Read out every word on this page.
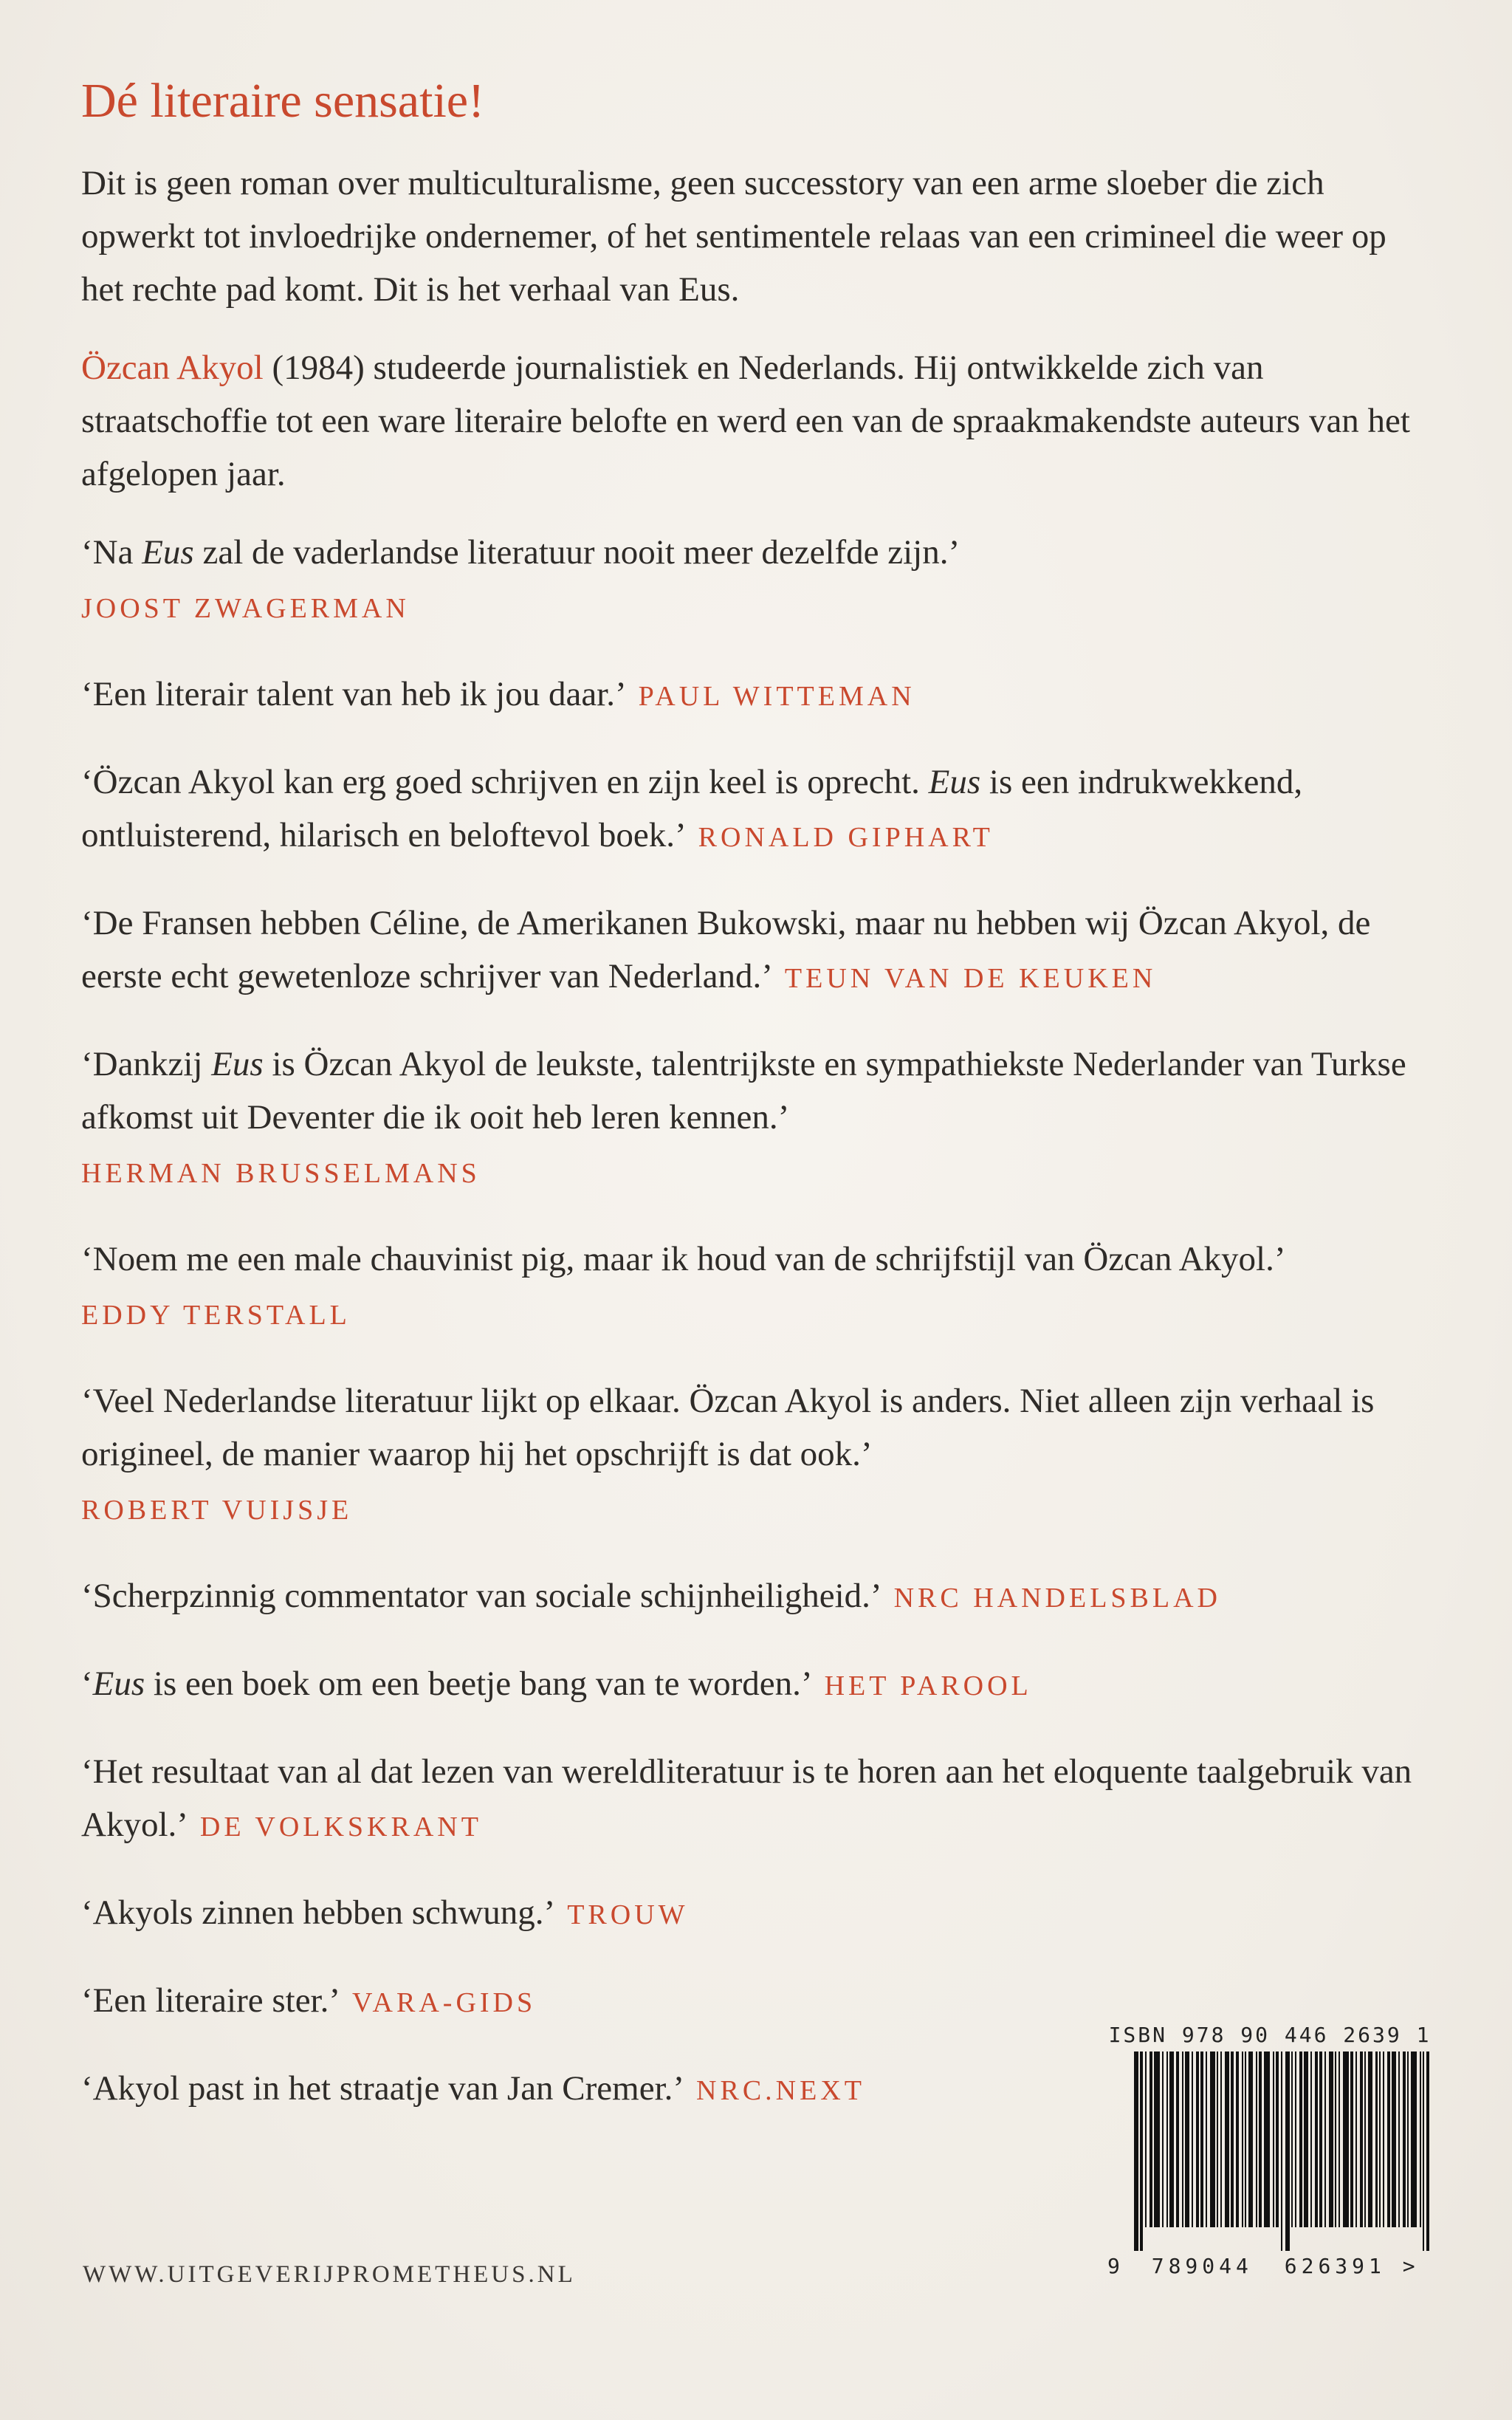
Dé literaire sensatie!

Dit is geen roman over multiculturalisme, geen successtory van een arme sloeber die zich opwerkt tot invloedrijke ondernemer, of het sentimentele relaas van een crimineel die weer op het rechte pad komt. Dit is het verhaal van Eus.

Özcan Akyol (1984) studeerde journalistiek en Nederlands. Hij ontwikkelde zich van straatschoffie tot een ware literaire belofte en werd een van de spraakmakendste auteurs van het afgelopen jaar.

‘Na Eus zal de vaderlandse literatuur nooit meer dezelfde zijn.’
JOOST ZWAGERMAN

‘Een literair talent van heb ik jou daar.’ PAUL WITTEMAN

‘Özcan Akyol kan erg goed schrijven en zijn keel is oprecht. Eus is een indrukwekkend, ontluisterend, hilarisch en beloftevol boek.’ RONALD GIPHART

‘De Fransen hebben Céline, de Amerikanen Bukowski, maar nu hebben wij Özcan Akyol, de eerste echt gewetenloze schrijver van Nederland.’ TEUN VAN DE KEUKEN

‘Dankzij Eus is Özcan Akyol de leukste, talentrijkste en sympathiekste Nederlander van Turkse afkomst uit Deventer die ik ooit heb leren kennen.’
HERMAN BRUSSELMANS

‘Noem me een male chauvinist pig, maar ik houd van de schrijfstijl van Özcan Akyol.’
EDDY TERSTALL

‘Veel Nederlandse literatuur lijkt op elkaar. Özcan Akyol is anders. Niet alleen zijn verhaal is origineel, de manier waarop hij het opschrijft is dat ook.’
ROBERT VUIJSJE

‘Scherpzinnig commentator van sociale schijnheiligheid.’ NRC HANDELSBLAD

‘Eus is een boek om een beetje bang van te worden.’ HET PAROOL

‘Het resultaat van al dat lezen van wereldliteratuur is te horen aan het eloquente taalgebruik van Akyol.’ DE VOLKSKRANT

‘Akyols zinnen hebben schwung.’ TROUW

‘Een literaire ster.’ VARA-GIDS

‘Akyol past in het straatje van Jan Cremer.’ NRC.NEXT

WWW.UITGEVERIJPROMETHEUS.NL
ISBN 978 90 446 2639 1
9 789044 626391 >
